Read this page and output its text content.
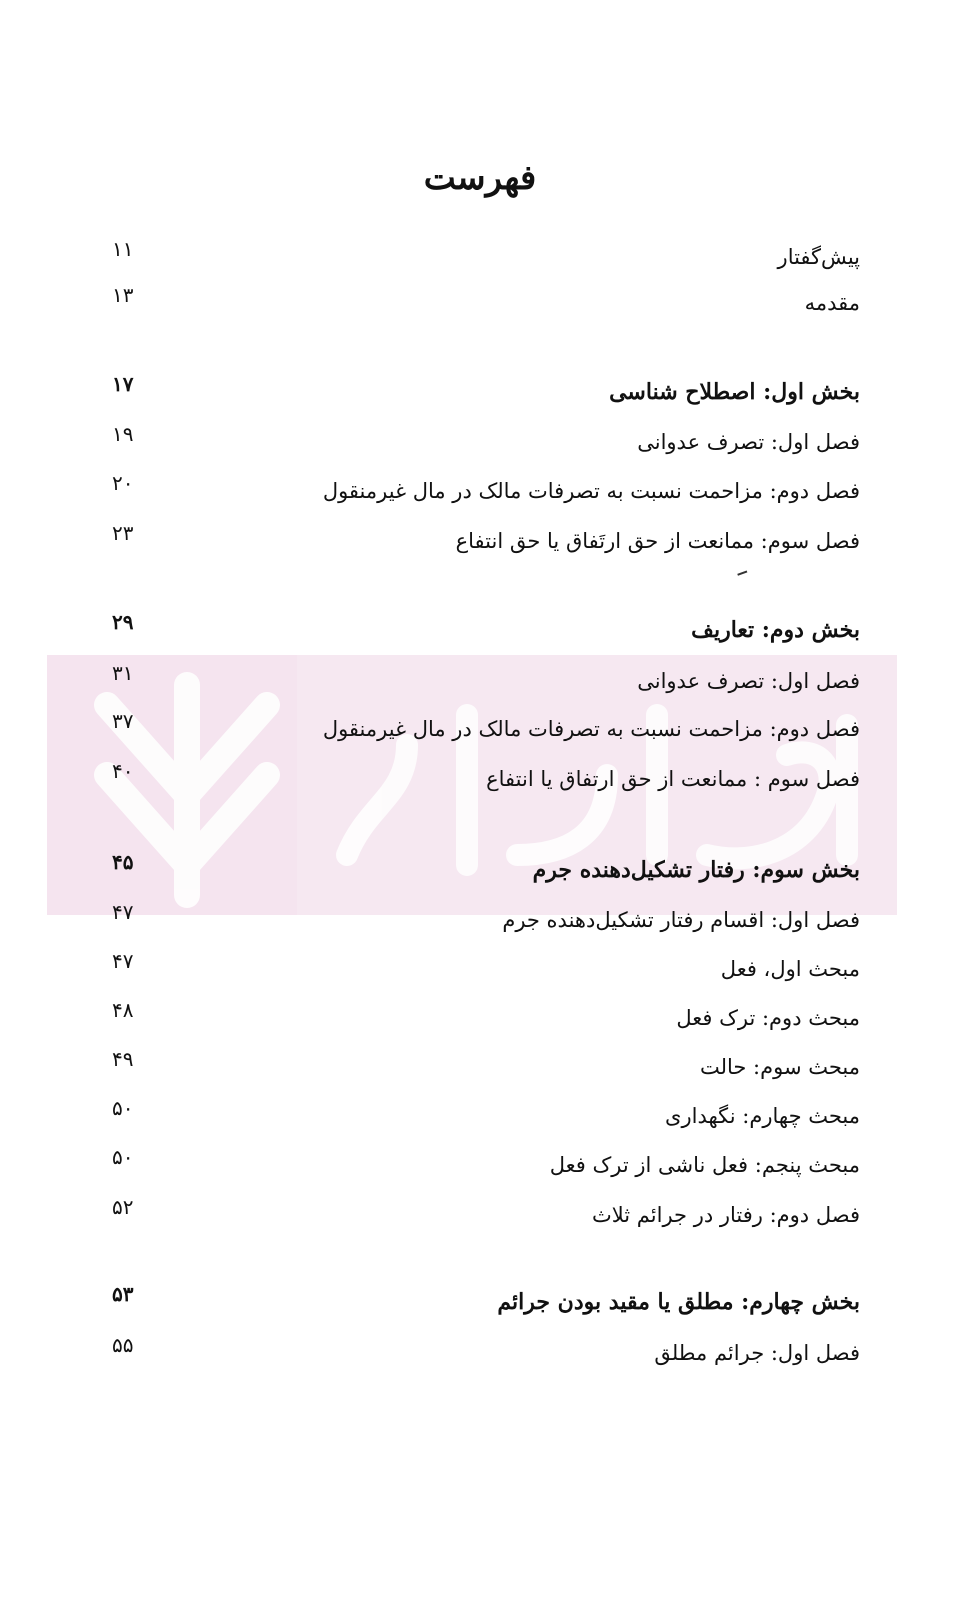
فهرست
پیش‌گفتار
۱۱
مقدمه
۱۳
بخش اول: اصطلاح شناسی
۱۷
فصل اول: تصرف عدوانی
۱۹
فصل دوم: مزاحمت نسبت به تصرفات مالک در مال غیرمنقول
۲۰
فصل سوم: ممانعت از حق ارتَفاق یا حق انتفاع
۲۳
بخش دوم: تعاریف
۲۹
فصل اول: تصرف عدوانی
۳۱
فصل دوم: مزاحمت نسبت به تصرفات مالک در مال غیرمنقول
۳۷
فصل سوم : ممانعت از حق ارتفاق یا انتفاع
۴۰
بخش سوم: رفتار تشکیل‌دهنده جرم
۴۵
فصل اول: اقسام رفتار تشکیل‌دهنده جرم
۴۷
مبحث اول، فعل
۴۷
مبحث دوم: ترک فعل
۴۸
مبحث سوم: حالت
۴۹
مبحث چهارم: نگهداری
۵۰
مبحث پنجم: فعل ناشی از ترک فعل
۵۰
فصل دوم: رفتار در جرائم ثلاث
۵۲
بخش چهارم: مطلق یا مقید بودن جرائم
۵۳
فصل اول: جرائم مطلق
۵۵
